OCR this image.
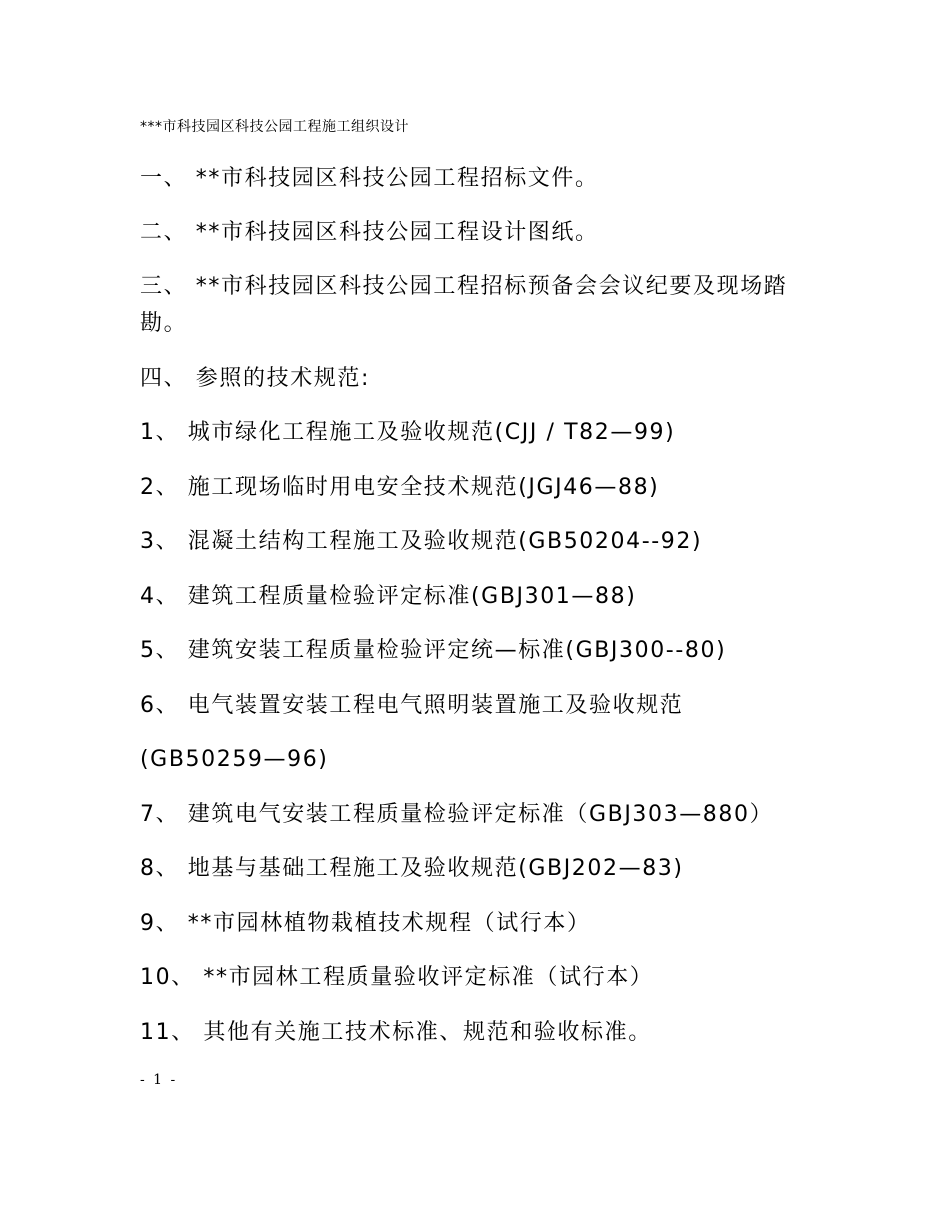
***市科技园区科技公园工程施工组织设计
一、 **市科技园区科技公园工程招标文件。
二、 **市科技园区科技公园工程设计图纸。
三、 **市科技园区科技公园工程招标预备会会议纪要及现场踏
勘。
四、 参照的技术规范:
1、 城市绿化工程施工及验收规范(CJJ / T82—99)
2、 施工现场临时用电安全技术规范(JGJ46—88)
3、 混凝土结构工程施工及验收规范(GB50204--92)
4、 建筑工程质量检验评定标准(GBJ301—88)
5、 建筑安装工程质量检验评定统—标准(GBJ300--80)
6、 电气装置安装工程电气照明装置施工及验收规范
(GB50259—96)
7、 建筑电气安装工程质量检验评定标准（GBJ303—880）
8、 地基与基础工程施工及验收规范(GBJ202—83)
9、 **市园林植物栽植技术规程（试行本）
10、 **市园林工程质量验收评定标准（试行本）
11、 其他有关施工技术标准、规范和验收标准。
- 1 -
